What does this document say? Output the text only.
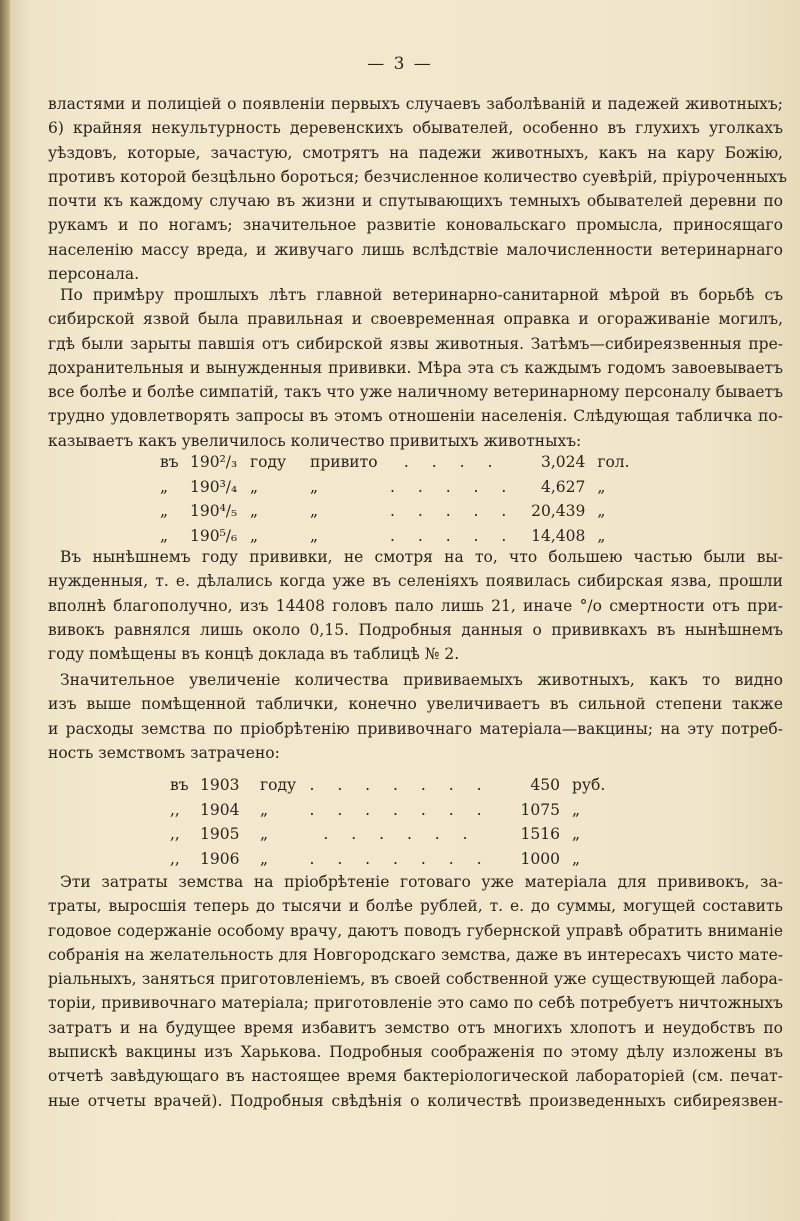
— 3 —

властями и полиціей о появленіи первыхъ случаевъ заболѣваній и падежей животныхъ;
6) крайняя некультурность деревенскихъ обывателей, особенно въ глухихъ уголкахъ
уѣздовъ, которые, зачастую, смотрятъ на падежи животныхъ, какъ на кару Божію,
противъ которой безцѣльно бороться; безчисленное количество суевѣрій, пріуроченныхъ
почти къ каждому случаю въ жизни и спутывающихъ темныхъ обывателей деревни по
рукамъ и по ногамъ; значительное развитіе коновальскаго промысла, приносящаго
населенію массу вреда, и живучаго лишь вслѣдствіе малочисленности ветеринарнаго
персонала.

По примѣру прошлыхъ лѣтъ главной ветеринарно-санитарной мѣрой въ борьбѣ съ
сибирской язвой была правильная и своевременная оправка и огораживаніе могилъ,
гдѣ были зарыты павшія отъ сибирской язвы животныя. Затѣмъ—сибиреязвенныя пре-
дохранительныя и вынужденныя прививки. Мѣра эта съ каждымъ годомъ завоевываетъ
все болѣе и болѣе симпатій, такъ что уже наличному ветеринарному персоналу бываетъ
трудно удовлетворять запросы въ этомъ отношеніи населенія. Слѣдующая табличка по-
казываетъ какъ увеличилось количество привитыхъ животныхъ:

въ	190²/₃	году	привито	. . . .	3,024	гол.
„	190³/₄	„	„	. . . . .	4,627	„
„	190⁴/₅	„	„	. . . . .	20,439	„
„	190⁵/₆	„	„	. . . . .	14,408	„

Въ нынѣшнемъ году прививки, не смотря на то, что большею частью были вы-
нужденныя, т. е. дѣлались когда уже въ селеніяхъ появилась сибирская язва, прошли
вполнѣ благополучно, изъ 14408 головъ пало лишь 21, иначе °/о смертности отъ при-
вивокъ равнялся лишь около 0,15. Подробныя данныя о прививкахъ въ нынѣшнемъ
году помѣщены въ концѣ доклада въ таблицѣ № 2.

Значительное увеличеніе количества прививаемыхъ животныхъ, какъ то видно
изъ выше помѣщенной таблички, конечно увеличиваетъ въ сильной степени также
и расходы земства по пріобрѣтенію прививочнаго матеріала—вакцины; на эту потреб-
ность земствомъ затрачено:

въ	1903	году	. . . . . . .	450	руб.
,,	1904	„	. . . . . . .	1075	„
,,	1905	„	. . . . . .	1516	„
,,	1906	„	. . . . . . .	1000	„

Эти затраты земства на пріобрѣтеніе готоваго уже матеріала для прививокъ, за-
траты, выросшія теперь до тысячи и болѣе рублей, т. е. до суммы, могущей составить
годовое содержаніе особому врачу, даютъ поводъ губернской управѣ обратить вниманіе
собранія на желательность для Новгородскаго земства, даже въ интересахъ чисто мате-
ріальныхъ, заняться приготовленіемъ, въ своей собственной уже существующей лабора-
торіи, прививочнаго матеріала; приготовленіе это само по себѣ потребуетъ ничтожныхъ
затратъ и на будущее время избавитъ земство отъ многихъ хлопотъ и неудобствъ по
выпискѣ вакцины изъ Харькова. Подробныя соображенія по этому дѣлу изложены въ
отчетѣ завѣдующаго въ настоящее время бактеріологической лабораторіей (см. печат-
ные отчеты врачей). Подробныя свѣдѣнія о количествѣ произведенныхъ сибиреязвен-
